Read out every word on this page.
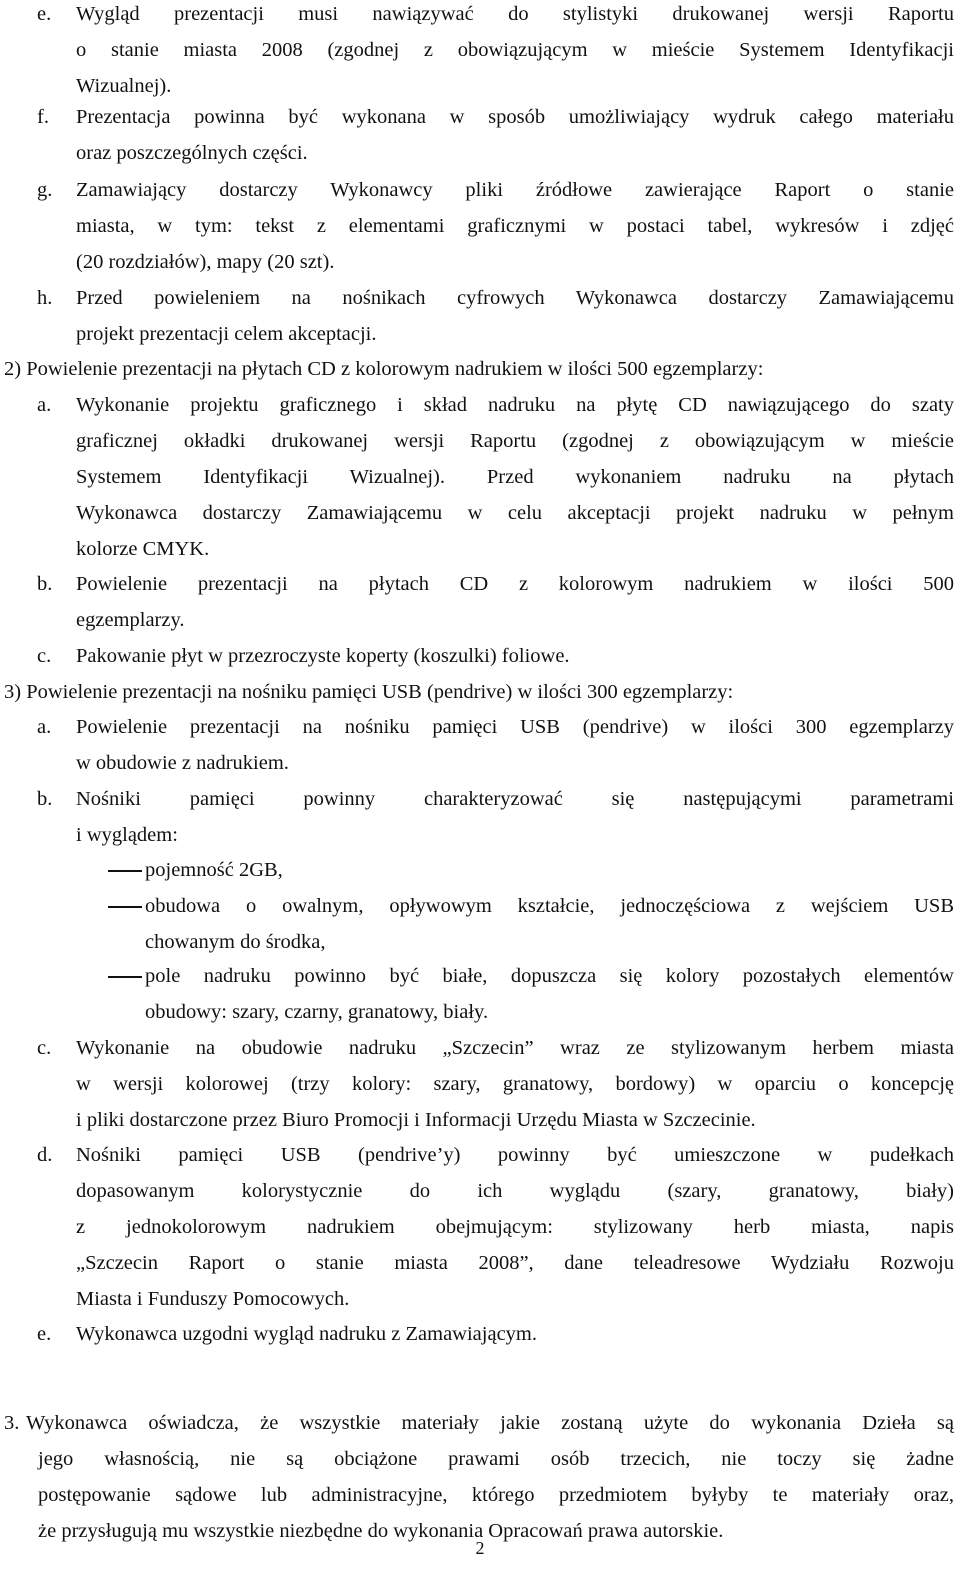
e. Wygląd prezentacji musi nawiązywać do stylistyki drukowanej wersji Raportu
o stanie miasta 2008 (zgodnej z obowiązującym w mieście Systemem Identyfikacji
Wizualnej).
f. Prezentacja powinna być wykonana w sposób umożliwiający wydruk całego materiału
oraz poszczególnych części.
g. Zamawiający dostarczy Wykonawcy pliki źródłowe zawierające Raport o stanie
miasta, w tym: tekst z elementami graficznymi w postaci tabel, wykresów i zdjęć
(20 rozdziałów), mapy (20 szt).
h. Przed powieleniem na nośnikach cyfrowych Wykonawca dostarczy Zamawiającemu
projekt prezentacji celem akceptacji.
2) Powielenie prezentacji na płytach CD z kolorowym nadrukiem w ilości 500 egzemplarzy:
a. Wykonanie projektu graficznego i skład nadruku na płytę CD nawiązującego do szaty
graficznej okładki drukowanej wersji Raportu (zgodnej z obowiązującym w mieście
Systemem Identyfikacji Wizualnej). Przed wykonaniem nadruku na płytach
Wykonawca dostarczy Zamawiającemu w celu akceptacji projekt nadruku w pełnym
kolorze CMYK.
b. Powielenie prezentacji na płytach CD z kolorowym nadrukiem w ilości 500
egzemplarzy.
c. Pakowanie płyt w przezroczyste koperty (koszulki) foliowe.
3) Powielenie prezentacji na nośniku pamięci USB (pendrive) w ilości 300 egzemplarzy:
a. Powielenie prezentacji na nośniku pamięci USB (pendrive) w ilości 300 egzemplarzy
w obudowie z nadrukiem.
b. Nośniki pamięci powinny charakteryzować się następującymi parametrami
i wyglądem:
pojemność 2GB,
obudowa o owalnym, opływowym kształcie, jednoczęściowa z wejściem USB
chowanym do środka,
pole nadruku powinno być białe, dopuszcza się kolory pozostałych elementów
obudowy: szary, czarny, granatowy, biały.
c. Wykonanie na obudowie nadruku „Szczecin” wraz ze stylizowanym herbem miasta
w wersji kolorowej (trzy kolory: szary, granatowy, bordowy) w oparciu o koncepcję
i pliki dostarczone przez Biuro Promocji i Informacji Urzędu Miasta w Szczecinie.
d. Nośniki pamięci USB (pendrive’y) powinny być umieszczone w pudełkach
dopasowanym kolorystycznie do ich wyglądu (szary, granatowy, biały)
z jednokolorowym nadrukiem obejmującym: stylizowany herb miasta, napis
„Szczecin Raport o stanie miasta 2008”, dane teleadresowe Wydziału Rozwoju
Miasta i Funduszy Pomocowych.
e. Wykonawca uzgodni wygląd nadruku z Zamawiającym.
3. Wykonawca oświadcza, że wszystkie materiały jakie zostaną użyte do wykonania Dzieła są
jego własnością, nie są obciążone prawami osób trzecich, nie toczy się żadne
postępowanie sądowe lub administracyjne, którego przedmiotem byłyby te materiały oraz,
że przysługują mu wszystkie niezbędne do wykonania Opracowań prawa autorskie.
2
